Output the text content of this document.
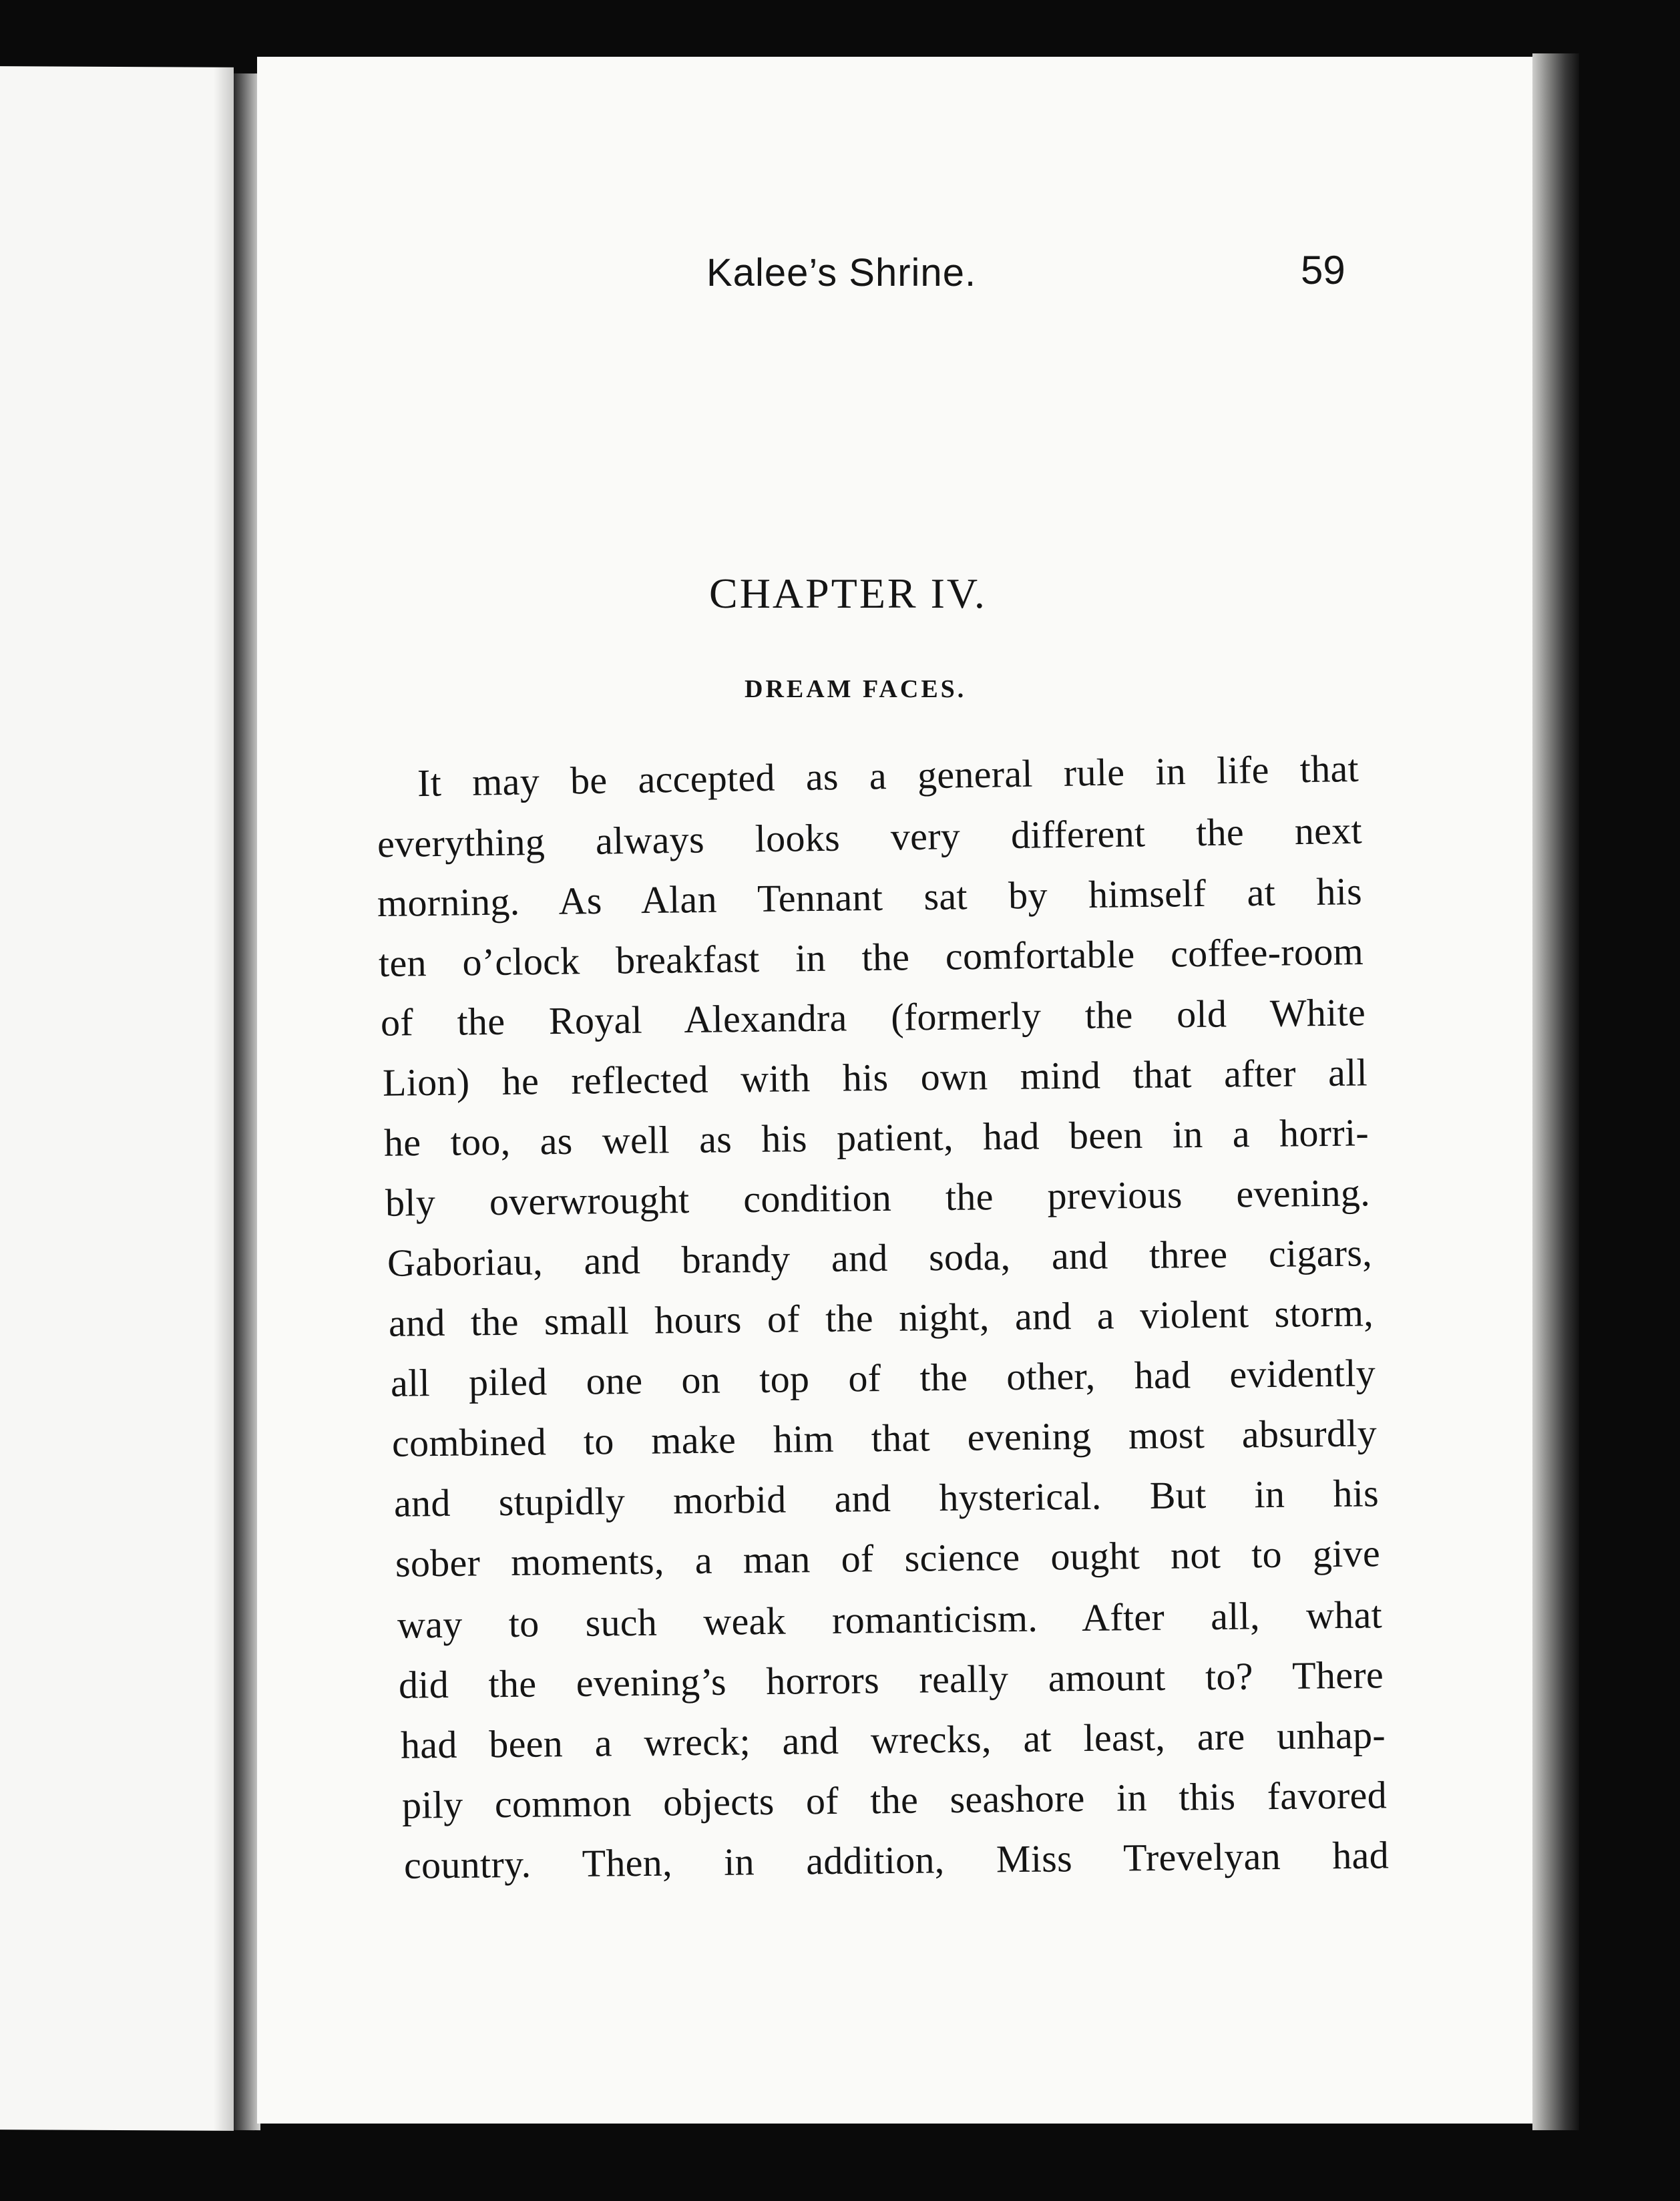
Kalee’s Shrine.	59
CHAPTER IV.
DREAM FACES.
It may be accepted as a general rule in life that
everything always looks very different the next
morning. As Alan Tennant sat by himself at his
ten o’clock breakfast in the comfortable coffee-room
of the Royal Alexandra (formerly the old White
Lion) he reflected with his own mind that after all
he too, as well as his patient, had been in a horri-
bly overwrought condition the previous evening.
Gaboriau, and brandy and soda, and three cigars,
and the small hours of the night, and a violent storm,
all piled one on top of the other, had evidently
combined to make him that evening most absurdly
and stupidly morbid and hysterical. But in his
sober moments, a man of science ought not to give
way to such weak romanticism. After all, what
did the evening’s horrors really amount to? There
had been a wreck; and wrecks, at least, are unhap-
pily common objects of the seashore in this favored
country. Then, in addition, Miss Trevelyan had
